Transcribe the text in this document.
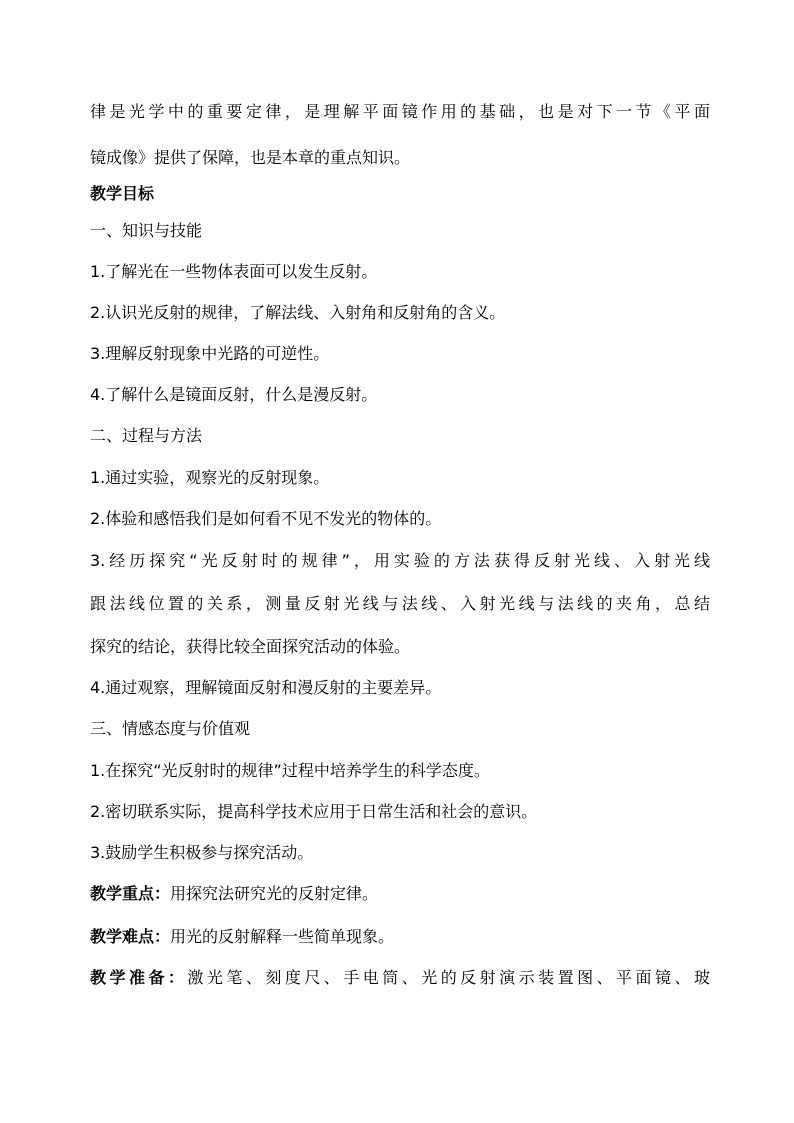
律是光学中的重要定律，是理解平面镜作用的基础，也是对下一节《平面
镜成像》提供了保障，也是本章的重点知识。
教学目标
一、知识与技能
1.了解光在一些物体表面可以发生反射。
2.认识光反射的规律，了解法线、入射角和反射角的含义。
3.理解反射现象中光路的可逆性。
4.了解什么是镜面反射，什么是漫反射。
二、过程与方法
1.通过实验，观察光的反射现象。
2.体验和感悟我们是如何看不见不发光的物体的。
3.经历探究“光反射时的规律”，用实验的方法获得反射光线、入射光线
跟法线位置的关系，测量反射光线与法线、入射光线与法线的夹角，总结
探究的结论，获得比较全面探究活动的体验。
4.通过观察，理解镜面反射和漫反射的主要差异。
三、情感态度与价值观
1.在探究“光反射时的规律”过程中培养学生的科学态度。
2.密切联系实际，提高科学技术应用于日常生活和社会的意识。
3.鼓励学生积极参与探究活动。
教学重点：用探究法研究光的反射定律。
教学难点：用光的反射解释一些简单现象。
教学准备：激光笔、刻度尺、手电筒、光的反射演示装置图、平面镜、玻
